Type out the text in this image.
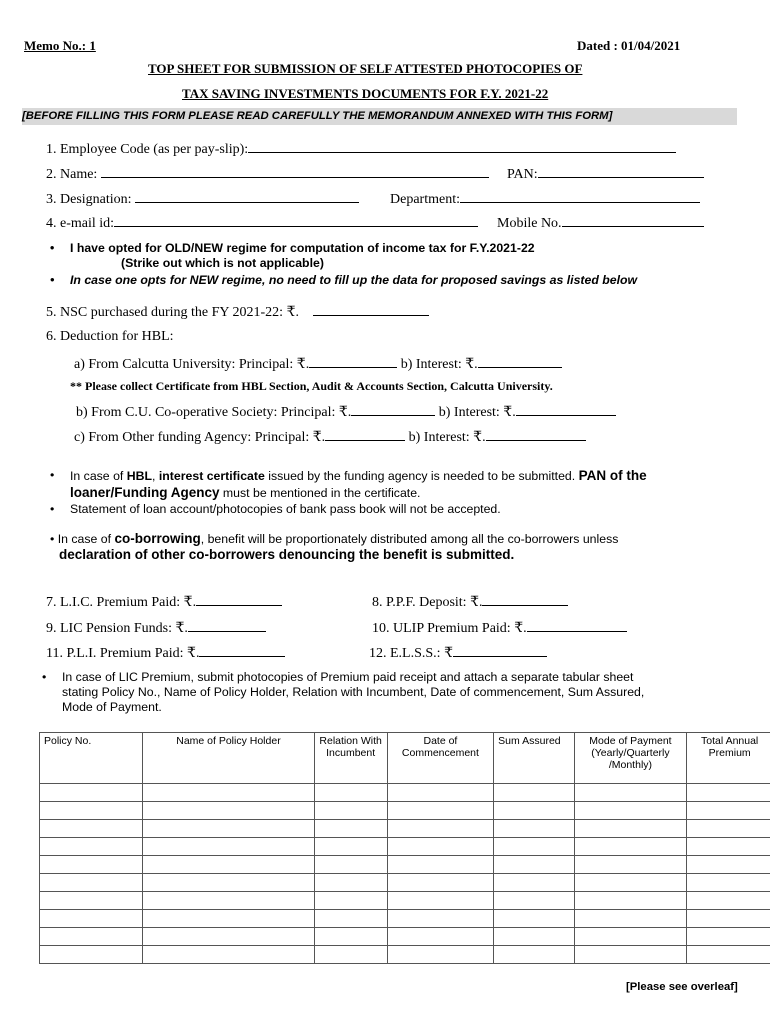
Memo No.: 1	Dated : 01/04/2021
TOP SHEET FOR SUBMISSION OF SELF ATTESTED PHOTOCOPIES OF
TAX SAVING INVESTMENTS DOCUMENTS FOR F.Y. 2021-22
[BEFORE FILLING THIS FORM PLEASE READ CAREFULLY THE MEMORANDUM ANNEXED WITH THIS FORM]
1. Employee Code (as per pay-slip):
2. Name:	PAN:
3. Designation:	Department:
4. e-mail id:	Mobile No.
• I have opted for OLD/NEW regime for computation of income tax for F.Y.2021-22
(Strike out which is not applicable)
• In case one opts for NEW regime, no need to fill up the data for proposed savings as listed below
5. NSC purchased during the FY 2021-22: ₹.
6. Deduction for HBL:
a) From Calcutta University: Principal: ₹.	b) Interest: ₹.
** Please collect Certificate from HBL Section, Audit & Accounts Section, Calcutta University.
b) From C.U. Co-operative Society: Principal: ₹.	b) Interest: ₹.
c) From Other funding Agency: Principal: ₹.	b) Interest: ₹.
• In case of HBL, interest certificate issued by the funding agency is needed to be submitted. PAN of the
loaner/Funding Agency must be mentioned in the certificate.
• Statement of loan account/photocopies of bank pass book will not be accepted.
• In case of co-borrowing, benefit will be proportionately distributed among all the co-borrowers unless
declaration of other co-borrowers denouncing the benefit is submitted.
7. L.I.C. Premium Paid: ₹.	8. P.P.F. Deposit: ₹.
9. LIC Pension Funds: ₹.	10. ULIP Premium Paid: ₹.
11. P.L.I. Premium Paid: ₹.	12. E.L.S.S.: ₹
• In case of LIC Premium, submit photocopies of Premium paid receipt and attach a separate tabular sheet
stating Policy No., Name of Policy Holder, Relation with Incumbent, Date of commencement, Sum Assured,
Mode of Payment.
Policy No.	Name of Policy Holder	Relation With Incumbent	Date of Commencement	Sum Assured	Mode of Payment (Yearly/Quarterly /Monthly)	Total Annual Premium

[Please see overleaf]
